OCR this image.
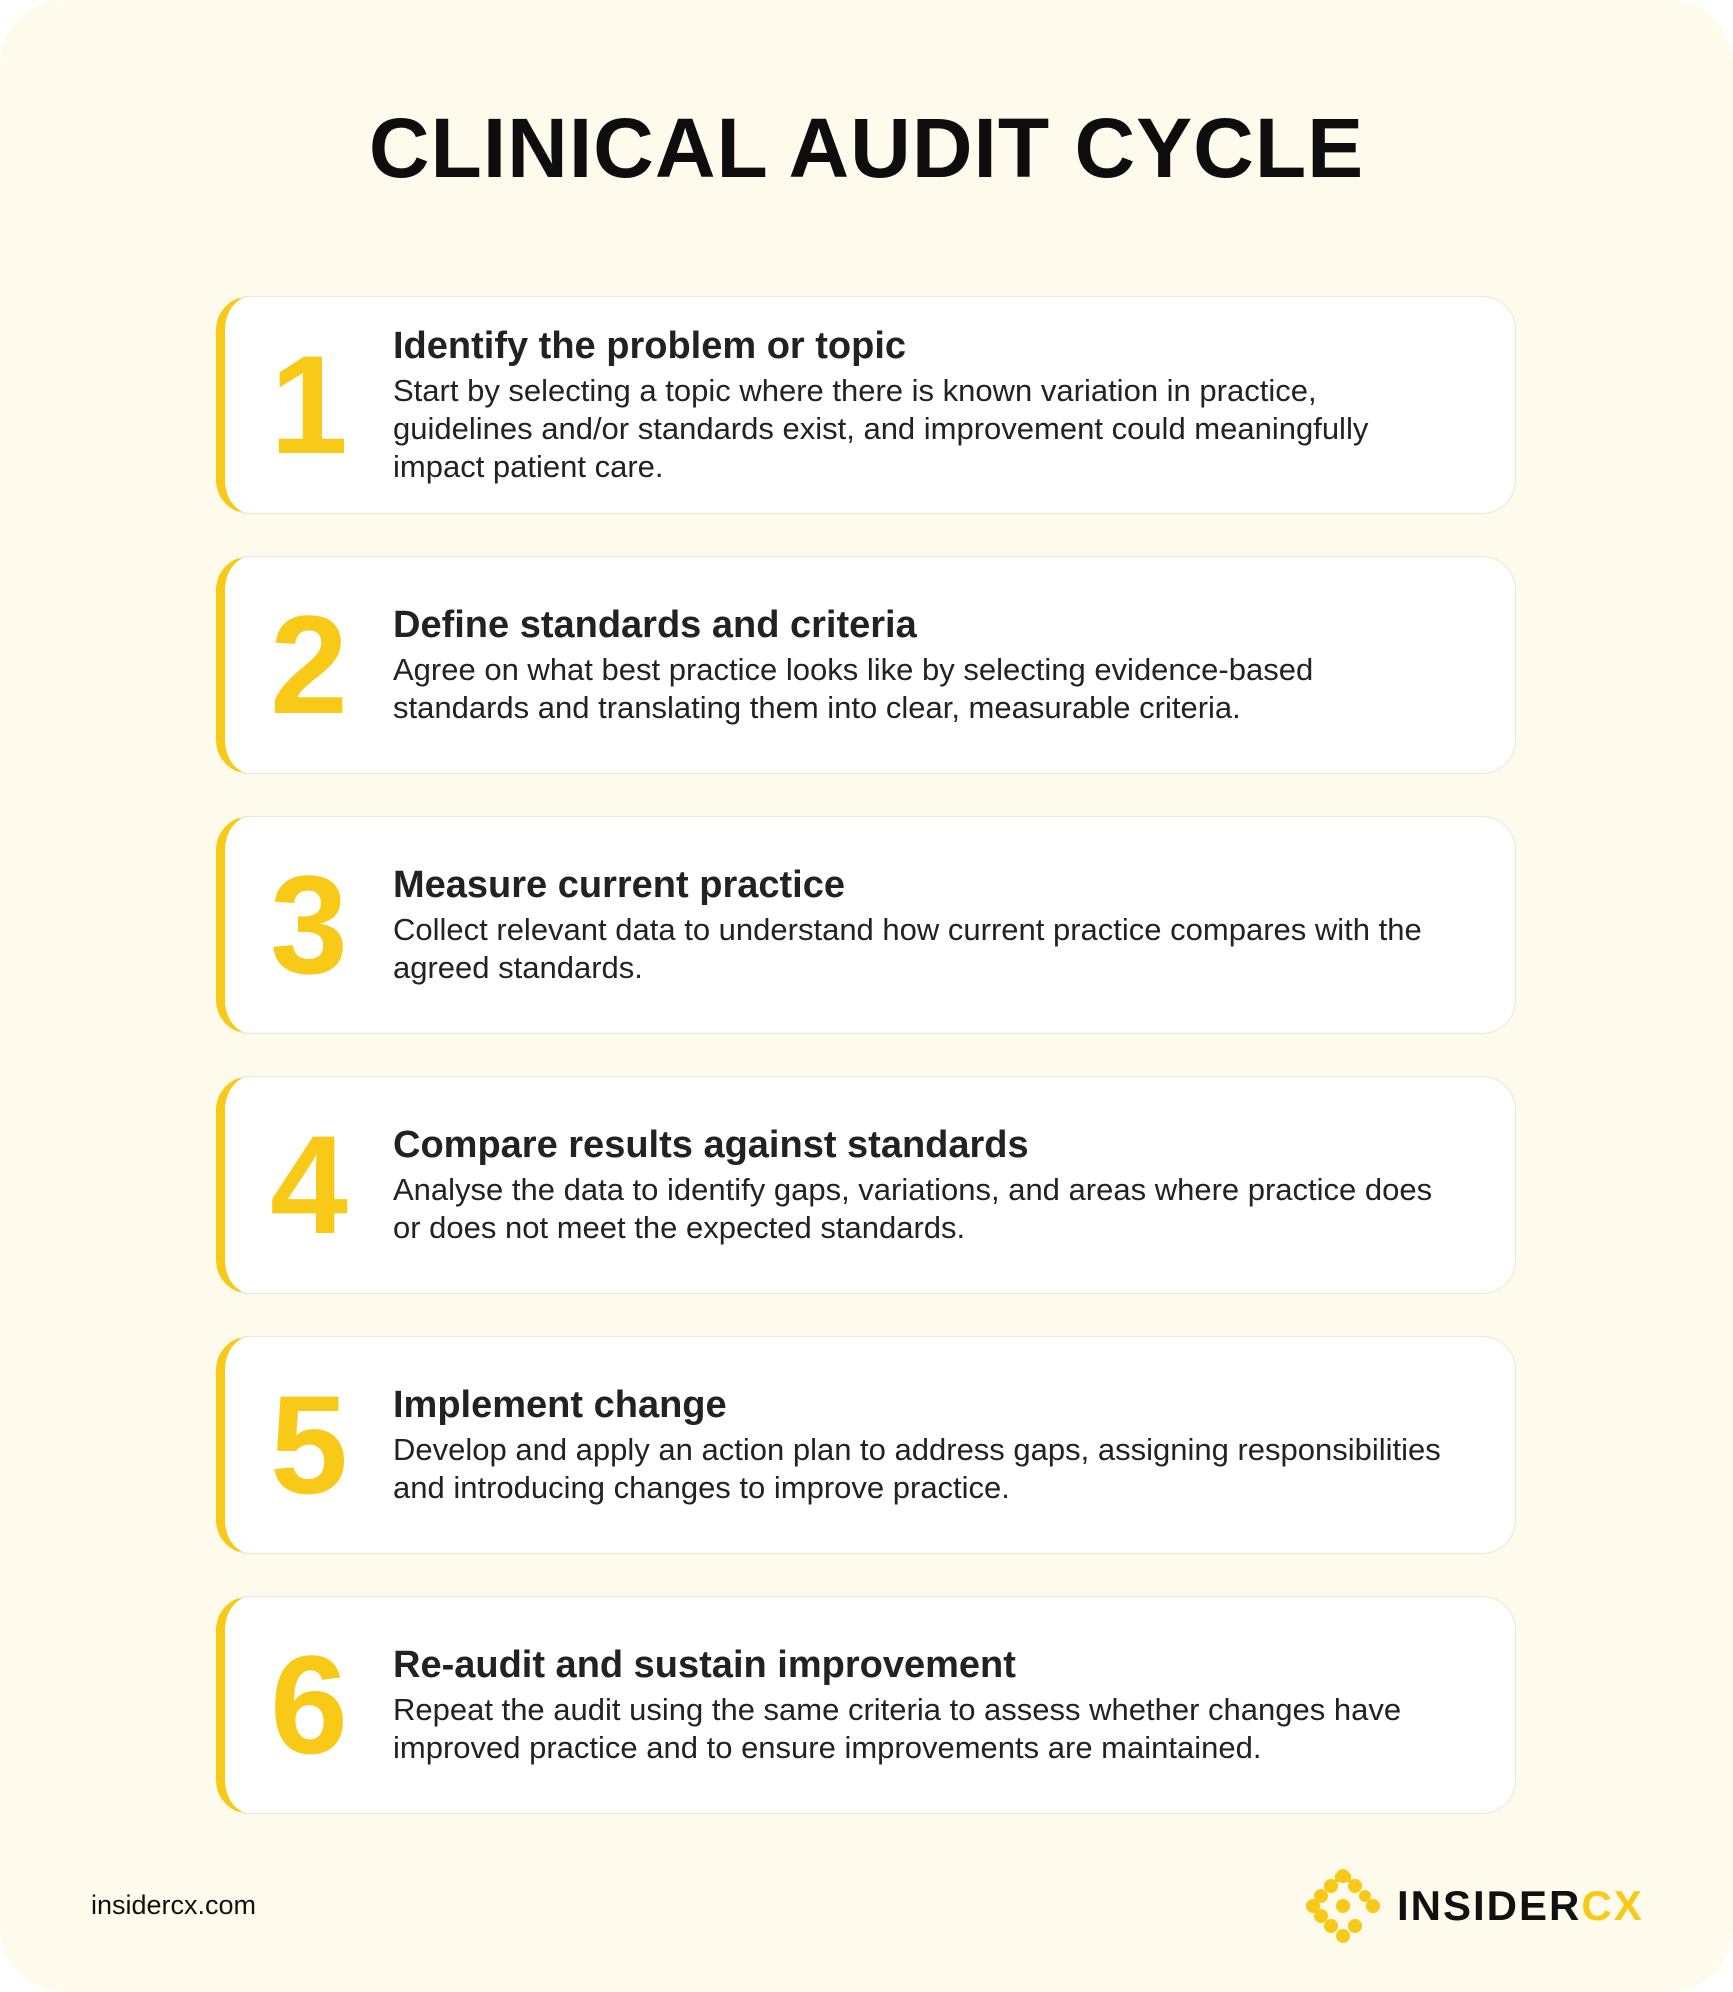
CLINICAL AUDIT CYCLE
1	Identify the problem or topic
Start by selecting a topic where there is known variation in practice, guidelines and/or standards exist, and improvement could meaningfully impact patient care.
2	Define standards and criteria
Agree on what best practice looks like by selecting evidence-based standards and translating them into clear, measurable criteria.
3	Measure current practice
Collect relevant data to understand how current practice compares with the agreed standards.
4	Compare results against standards
Analyse the data to identify gaps, variations, and areas where practice does or does not meet the expected standards.
5	Implement change
Develop and apply an action plan to address gaps, assigning responsibilities and introducing changes to improve practice.
6	Re-audit and sustain improvement
Repeat the audit using the same criteria to assess whether changes have improved practice and to ensure improvements are maintained.
insidercx.com	INSIDERCX
